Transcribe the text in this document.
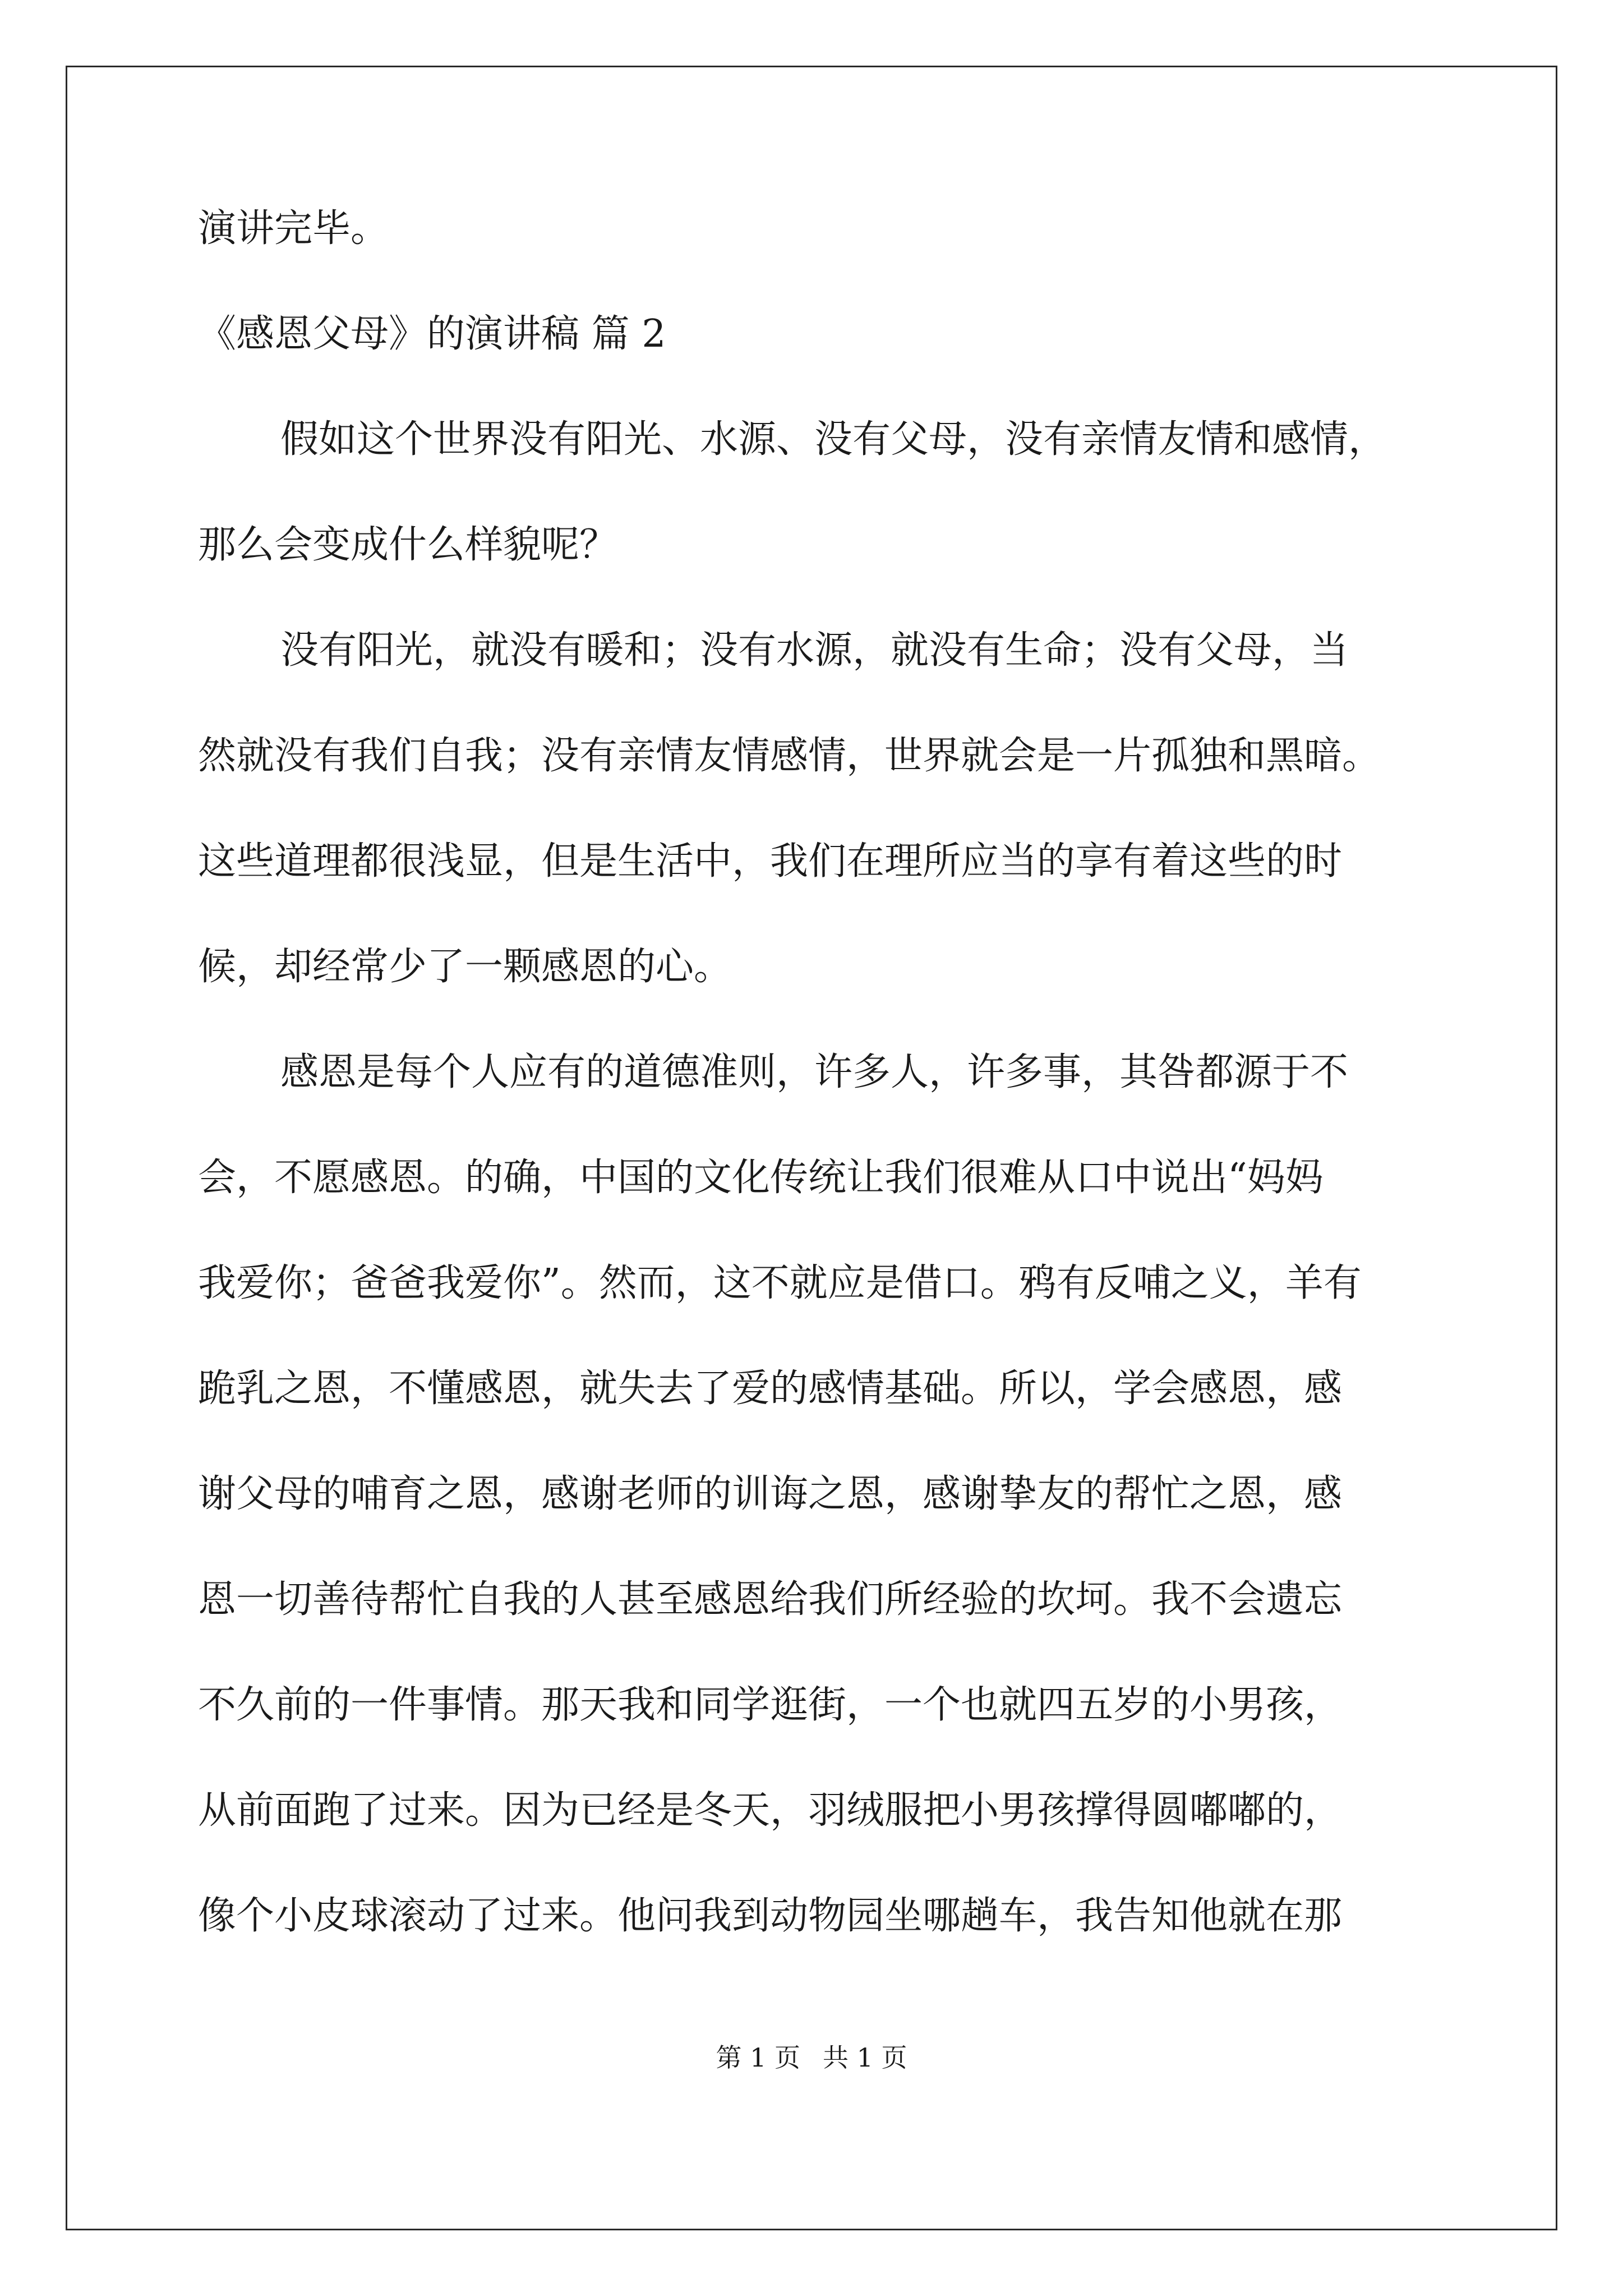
演讲完毕。

《感恩父母》的演讲稿 篇 2

假如这个世界没有阳光、水源、没有父母，没有亲情友情和感情，

那么会变成什么样貌呢？

没有阳光，就没有暖和；没有水源，就没有生命；没有父母，当

然就没有我们自我；没有亲情友情感情，世界就会是一片孤独和黑暗。

这些道理都很浅显，但是生活中，我们在理所应当的享有着这些的时

候，却经常少了一颗感恩的心。

感恩是每个人应有的道德准则，许多人，许多事，其咎都源于不

会，不愿感恩。的确，中国的文化传统让我们很难从口中说出“妈妈

我爱你；爸爸我爱你”。然而，这不就应是借口。鸦有反哺之义，羊有

跪乳之恩，不懂感恩，就失去了爱的感情基础。所以，学会感恩，感

谢父母的哺育之恩，感谢老师的训诲之恩，感谢挚友的帮忙之恩，感

恩一切善待帮忙自我的人甚至感恩给我们所经验的坎坷。我不会遗忘

不久前的一件事情。那天我和同学逛街，一个也就四五岁的小男孩，

从前面跑了过来。因为已经是冬天，羽绒服把小男孩撑得圆嘟嘟的，

像个小皮球滚动了过来。他问我到动物园坐哪趟车，我告知他就在那

第 1 页 共 1 页
